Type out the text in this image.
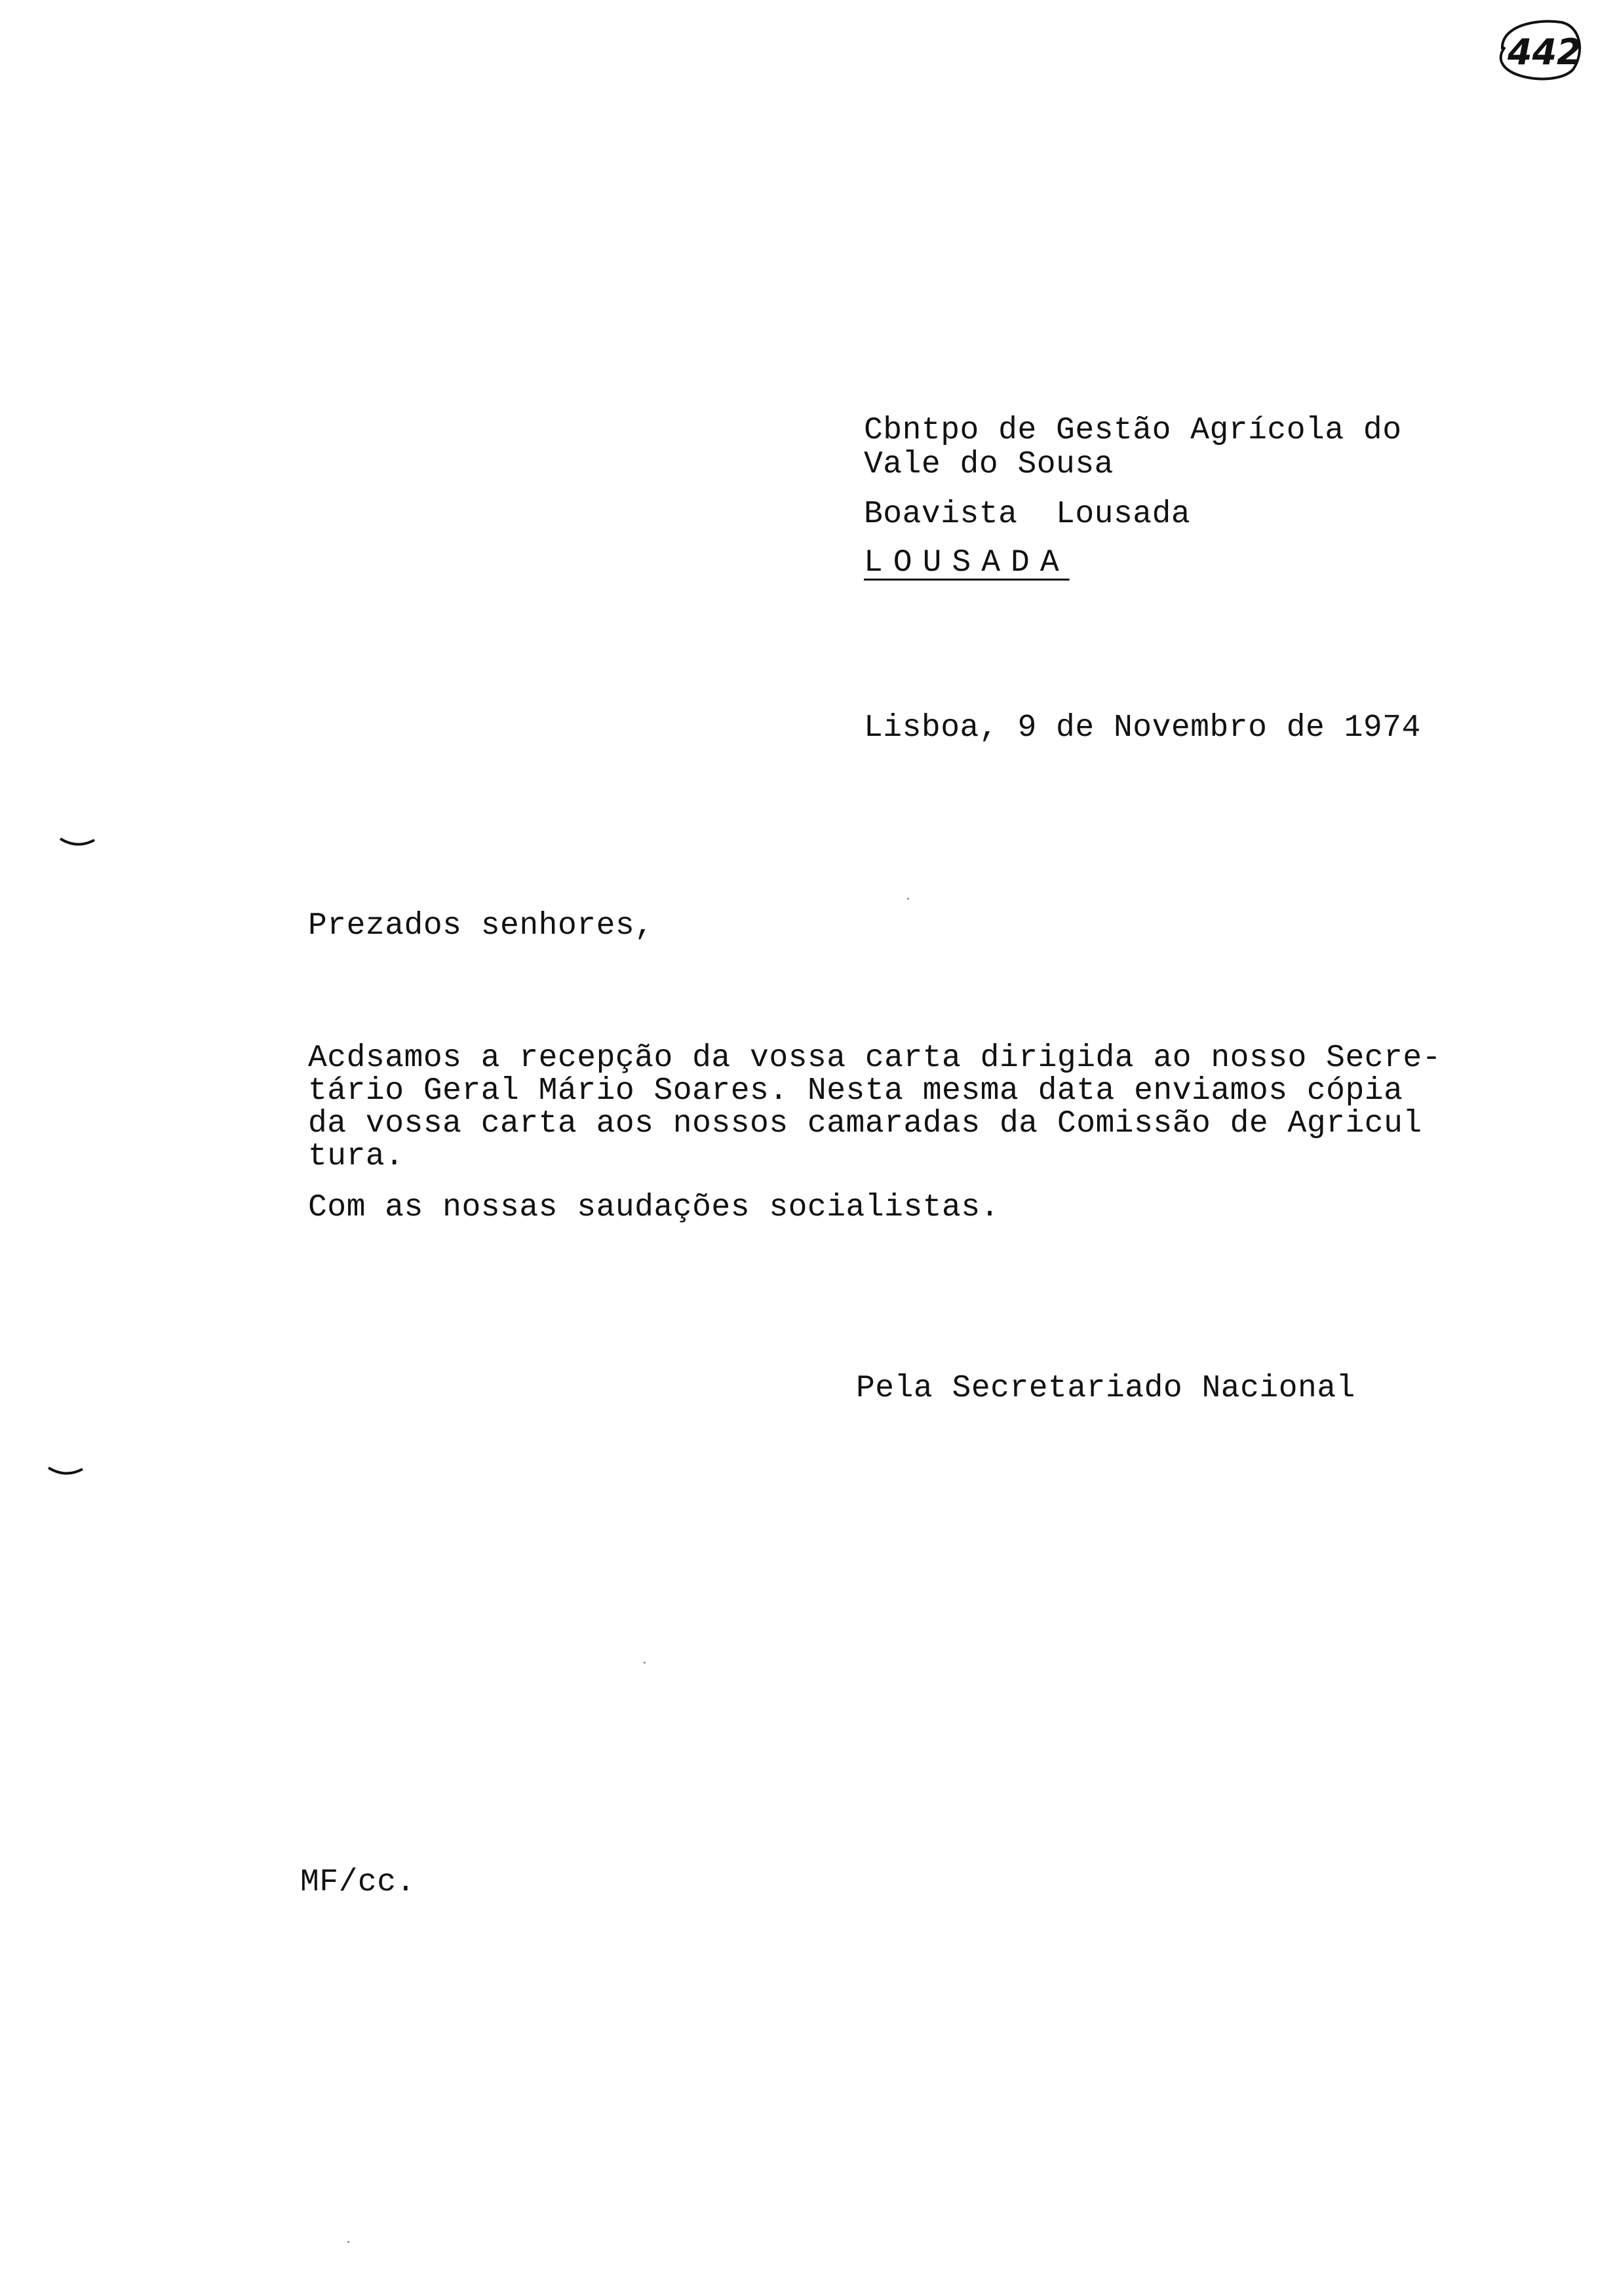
442
Cbntpo de Gestão Agrícola do
Vale do Sousa
Boavista  Lousada
LOUSADA
Lisboa, 9 de Novembro de 1974
Prezados senhores,
Acdsamos a recepção da vossa carta dirigida ao nosso Secre-
tário Geral Mário Soares. Nesta mesma data enviamos cópia
da vossa carta aos nossos camaradas da Comissão de Agricul
tura.
Com as nossas saudações socialistas.
Pela Secretariado Nacional
MF/cc.
